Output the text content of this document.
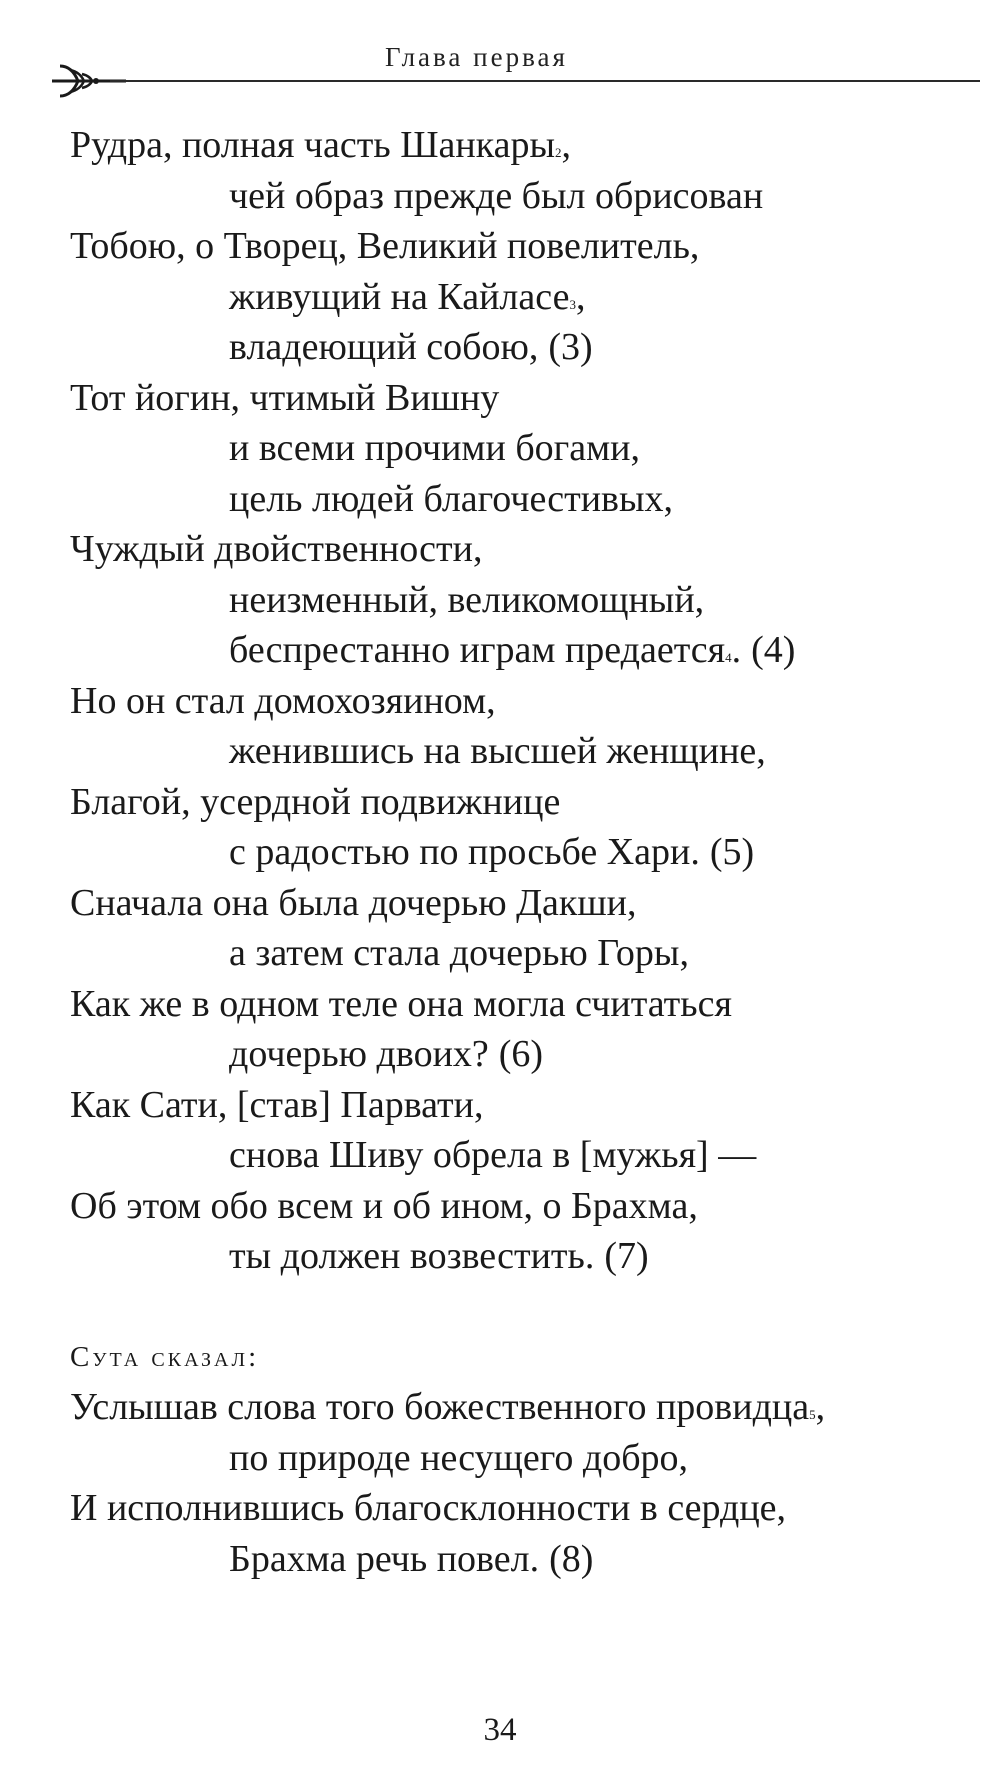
Глава первая
Рудра, полная часть Шанкары 2 ,
чей образ прежде был обрисован
Тобою, о Творец, Великий повелитель,
живущий на Кайласе 3 ,
владеющий собою, (3)
Тот йогин, чтимый Вишну
и всеми прочими богами,
цель людей благочестивых,
Чуждый двойственности,
неизменный, великомощный,
беспрестанно играм предается 4 . (4)
Но он стал домохозяином,
женившись на высшей женщине,
Благой, усердной подвижнице
с радостью по просьбе Хари. (5)
Сначала она была дочерью Дакши,
а затем стала дочерью Горы,
Как же в одном теле она могла считаться
дочерью двоих? (6)
Как Сати, [став] Парвати,
снова Шиву обрела в [мужья] —
Об этом обо всем и об ином, о Брахма,
ты должен возвестить. (7)
Сута сказал:
Услышав слова того божественного провидца 5 ,
по природе несущего добро,
И исполнившись благосклонности в сердце,
Брахма речь повел. (8)
34
